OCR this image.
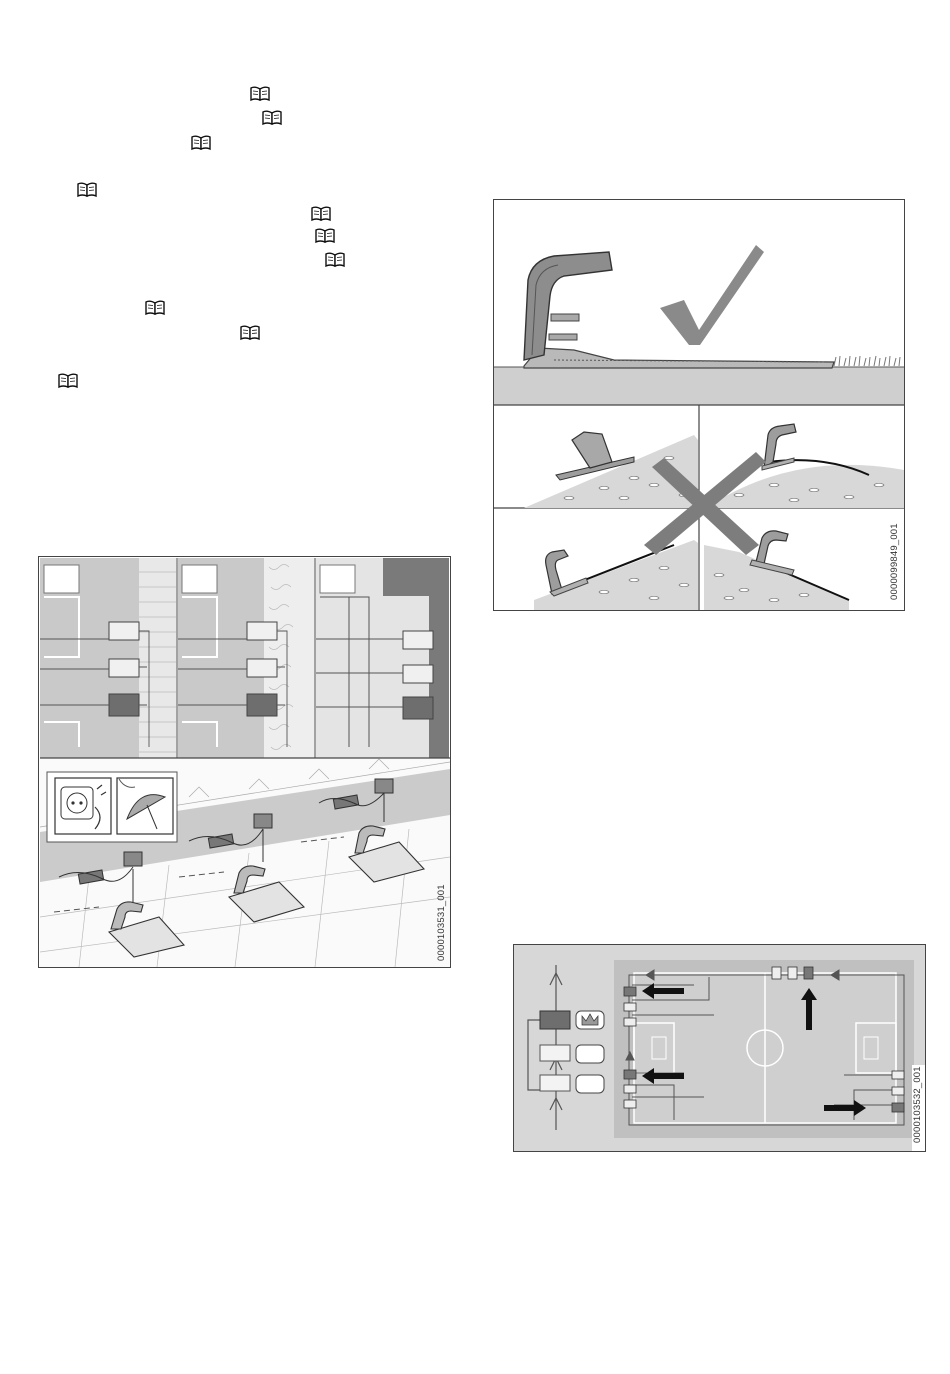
0000099849_001
0000103531_001
0000103532_001
